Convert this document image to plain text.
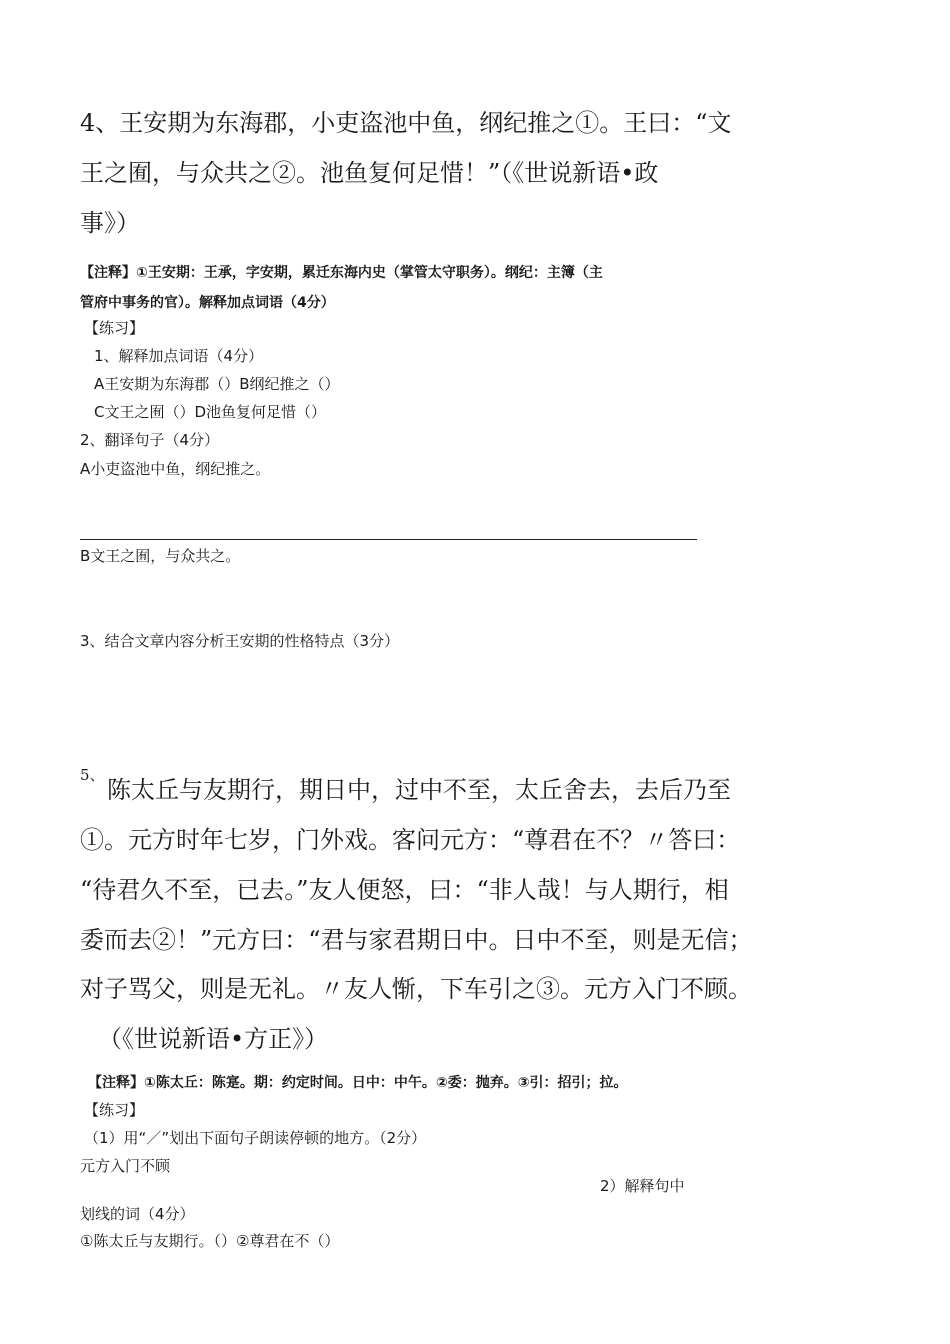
4、王安期为东海郡，小吏盗池中鱼，纲纪推之①。王曰：“文
王之囿，与众共之②。池鱼复何足惜！”（《世说新语•政
事》）
【注释】①王安期：王承，字安期，累迁东海内史（掌管太守职务）。纲纪：主簿（主
管府中事务的官）。解释加点词语（4分）
【练习】
1、解释加点词语（4分）
A王安期为东海郡（）B纲纪推之（）
C文王之囿（）D池鱼复何足惜（）
2、翻译句子（4分）
A小吏盗池中鱼，纲纪推之。
B文王之囿，与众共之。
3、结合文章内容分析王安期的性格特点（3分）
5、
陈太丘与友期行，期日中，过中不至，太丘舍去，去后乃至
①。元方时年七岁，门外戏。客问元方：“尊君在不？〃答曰：
“待君久不至，已去。”友人便怒，曰：“非人哉！与人期行，相
委而去②！”元方曰：“君与家君期日中。日中不至，则是无信；
对子骂父，则是无礼。〃友人惭，下车引之③。元方入门不顾。
（《世说新语•方正》）
【注释】①陈太丘：陈寔。期：约定时间。日中：中午。②委：抛弃。③引：招引；拉。
【练习】
（1）用“／”划出下面句子朗读停顿的地方。（2分）
元方入门不顾
2）解释句中
划线的词（4分）
①陈太丘与友期行。（）②尊君在不（）
